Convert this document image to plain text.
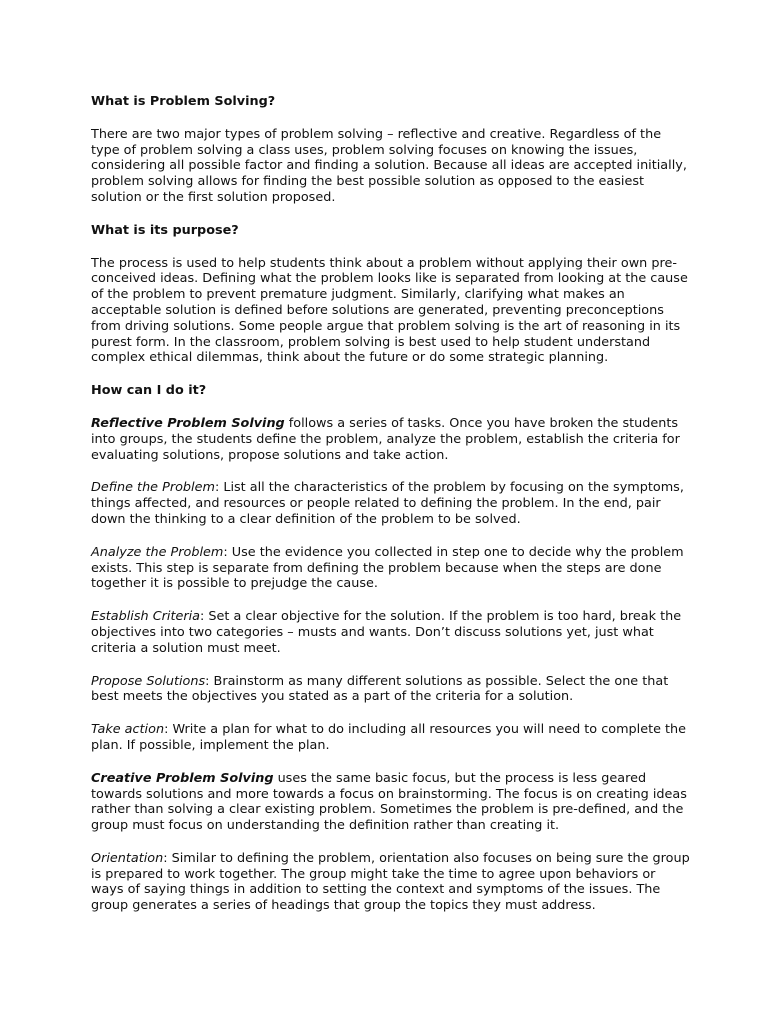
What is Problem Solving?

There are two major types of problem solving – reflective and creative. Regardless of the type of problem solving a class uses, problem solving focuses on knowing the issues, considering all possible factor and finding a solution. Because all ideas are accepted initially, problem solving allows for finding the best possible solution as opposed to the easiest solution or the first solution proposed.

What is its purpose?

The process is used to help students think about a problem without applying their own pre-conceived ideas. Defining what the problem looks like is separated from looking at the cause of the problem to prevent premature judgment. Similarly, clarifying what makes an acceptable solution is defined before solutions are generated, preventing preconceptions from driving solutions. Some people argue that problem solving is the art of reasoning in its purest form. In the classroom, problem solving is best used to help student understand complex ethical dilemmas, think about the future or do some strategic planning.

How can I do it?

Reflective Problem Solving follows a series of tasks. Once you have broken the students into groups, the students define the problem, analyze the problem, establish the criteria for evaluating solutions, propose solutions and take action.

Define the Problem: List all the characteristics of the problem by focusing on the symptoms, things affected, and resources or people related to defining the problem. In the end, pair down the thinking to a clear definition of the problem to be solved.

Analyze the Problem: Use the evidence you collected in step one to decide why the problem exists. This step is separate from defining the problem because when the steps are done together it is possible to prejudge the cause.

Establish Criteria: Set a clear objective for the solution. If the problem is too hard, break the objectives into two categories – musts and wants. Don’t discuss solutions yet, just what criteria a solution must meet.

Propose Solutions: Brainstorm as many different solutions as possible. Select the one that best meets the objectives you stated as a part of the criteria for a solution.

Take action: Write a plan for what to do including all resources you will need to complete the plan. If possible, implement the plan.

Creative Problem Solving uses the same basic focus, but the process is less geared towards solutions and more towards a focus on brainstorming. The focus is on creating ideas rather than solving a clear existing problem. Sometimes the problem is pre-defined, and the group must focus on understanding the definition rather than creating it.

Orientation: Similar to defining the problem, orientation also focuses on being sure the group is prepared to work together. The group might take the time to agree upon behaviors or ways of saying things in addition to setting the context and symptoms of the issues. The group generates a series of headings that group the topics they must address.
